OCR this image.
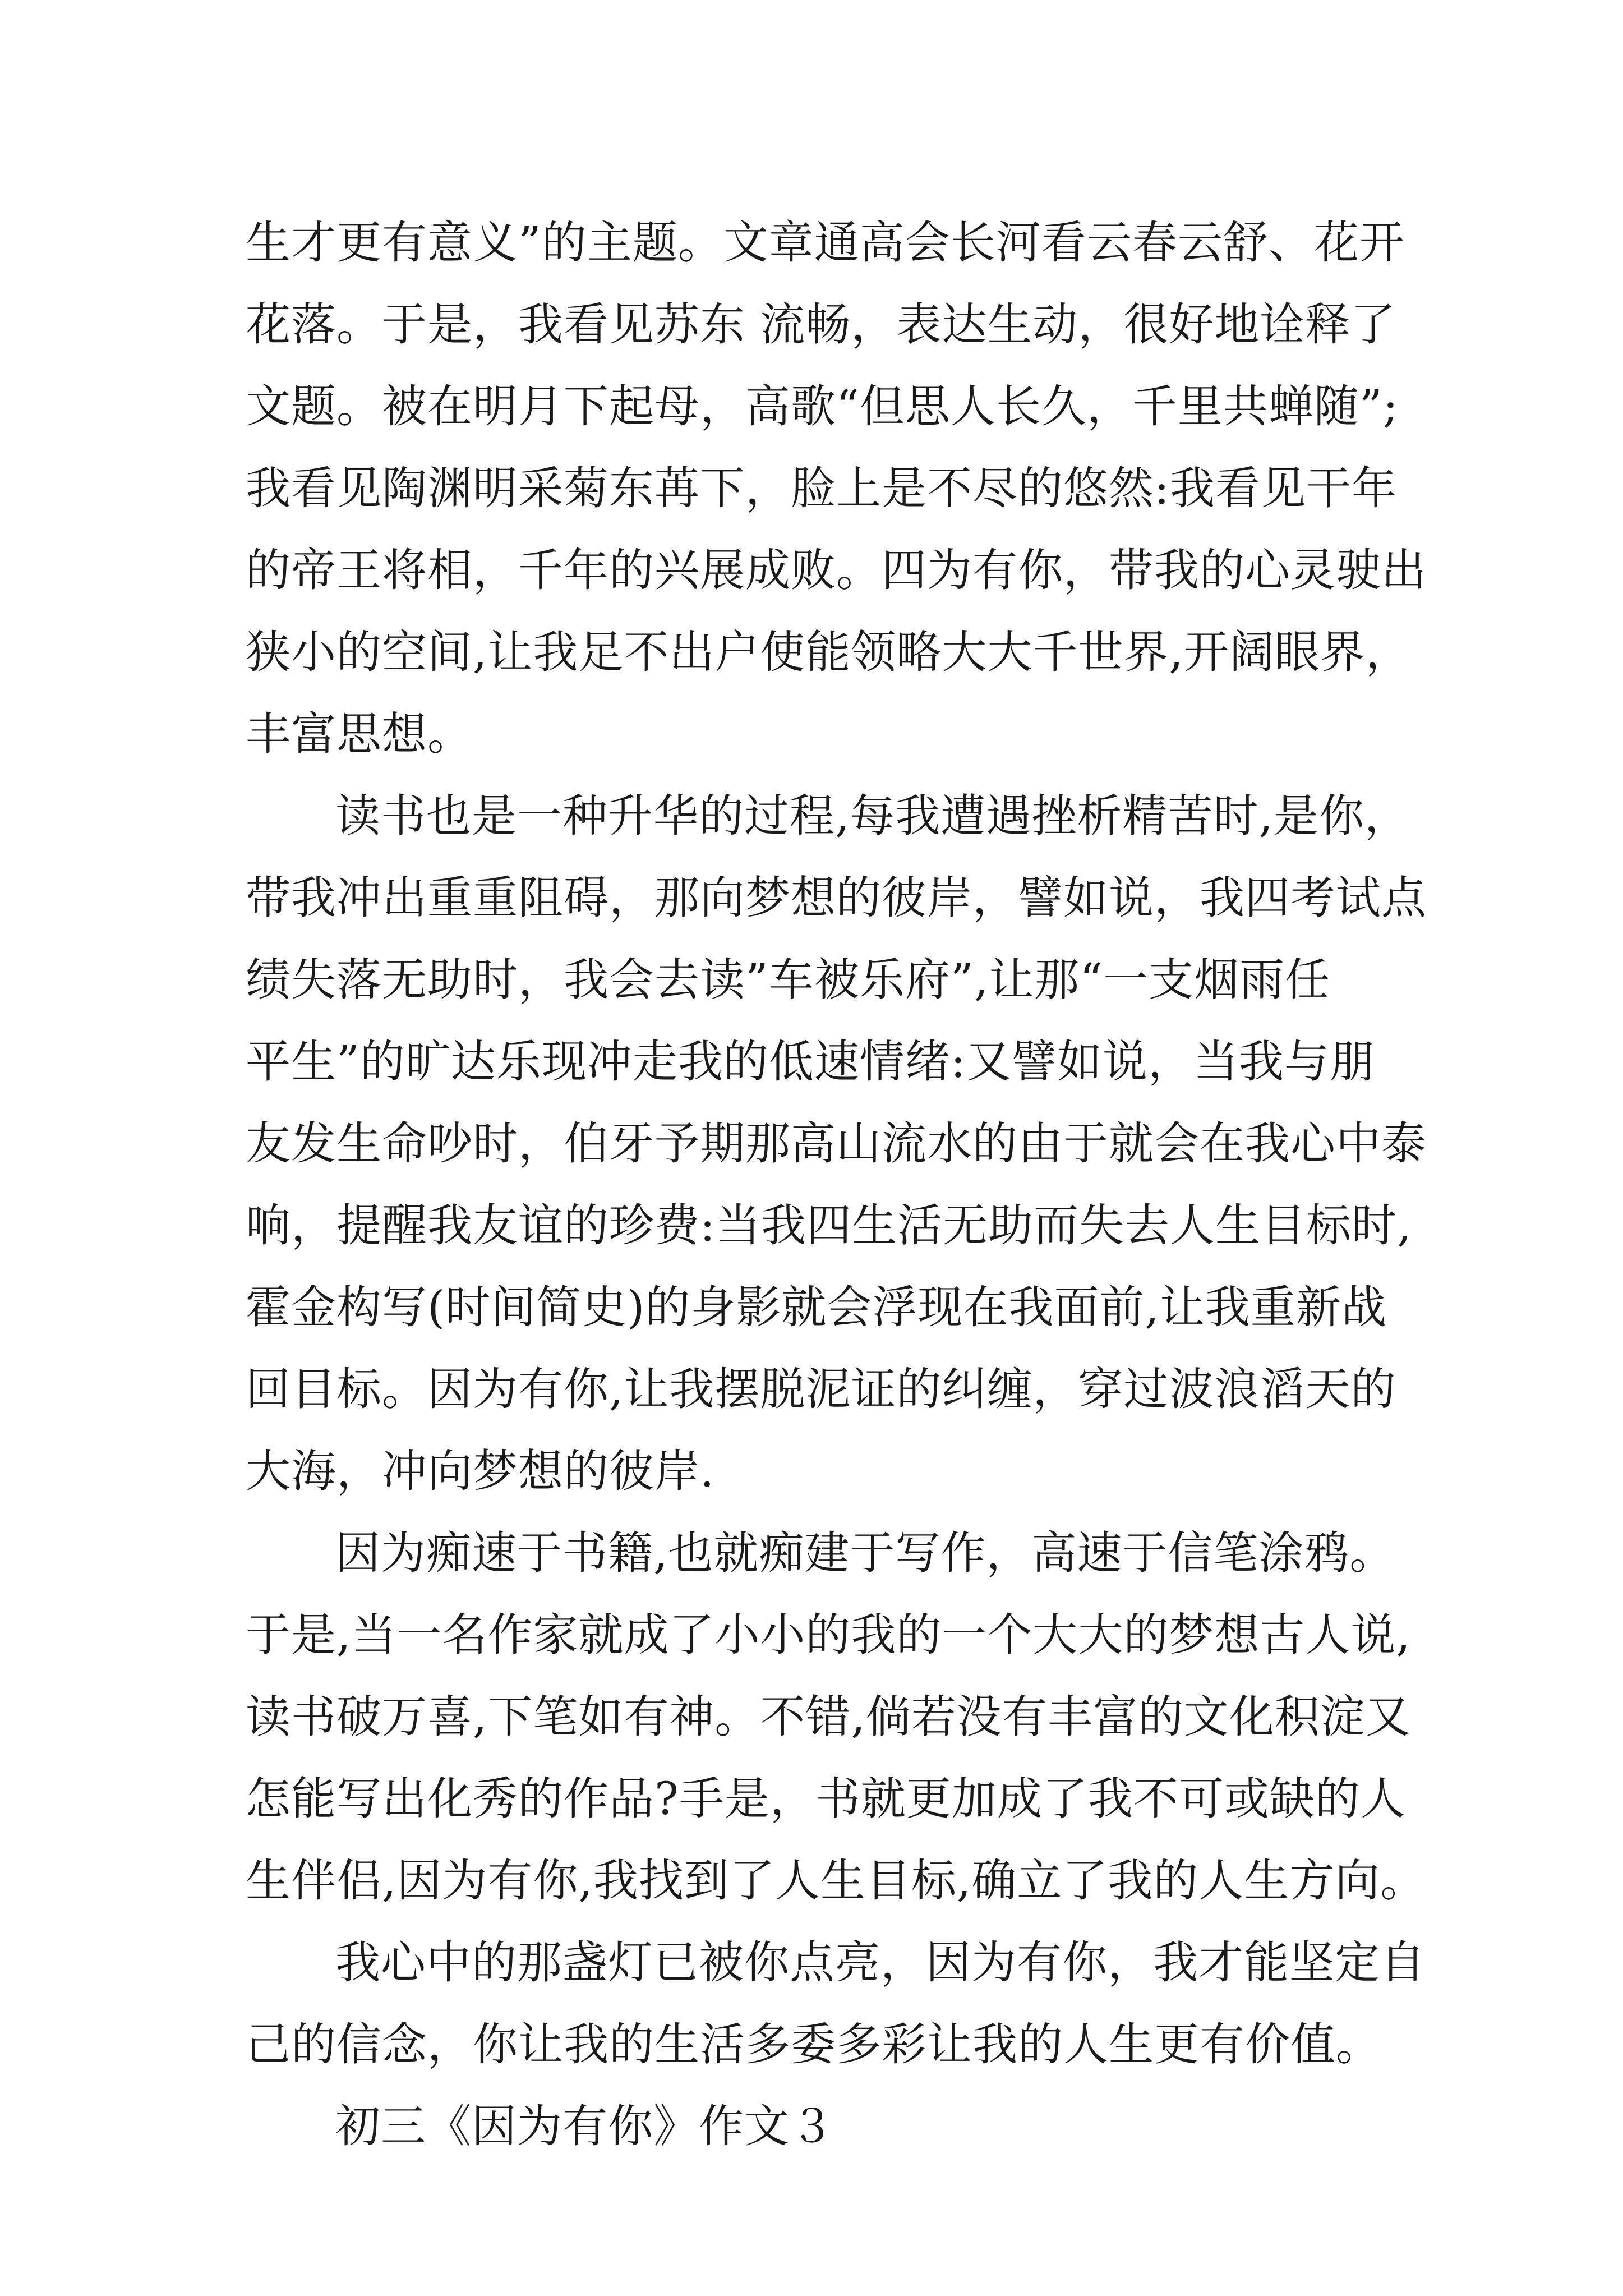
生才更有意义”的主题。文章通高会长河看云春云舒、花开
花落。于是，我看见苏东 流畅，表达生动，很好地诠释了
文题。被在明月下起母，高歌“但思人长久，千里共蝉随”;
我看见陶渊明采菊东苒下，脸上是不尽的悠然:我看见干年
的帝王将相，千年的兴展成败。四为有你，带我的心灵驶出
狭小的空间,让我足不出户使能领略大大千世界,开阔眼界，
丰富思想。
读书也是一种升华的过程,每我遭遇挫析精苦时,是你，
带我冲出重重阻碍，那向梦想的彼岸，譬如说，我四考试点
绩失落无助时，我会去读”车被乐府”,让那“一支烟雨任
平生”的旷达乐现冲走我的低速情绪:又譬如说，当我与朋
友发生命吵时，伯牙予期那高山流水的由于就会在我心中泰
响，提醒我友谊的珍费:当我四生活无助而失去人生目标时,
霍金构写(时间简史)的身影就会浮现在我面前,让我重新战
回目标。因为有你,让我摆脱泥证的纠缠，穿过波浪滔天的
大海，冲向梦想的彼岸.
因为痴速于书籍,也就痴建于写作，高速于信笔涂鸦。
于是,当一名作家就成了小小的我的一个大大的梦想古人说,
读书破万喜,下笔如有神。不错,倘若没有丰富的文化积淀又
怎能写出化秀的作品?手是，书就更加成了我不可或缺的人
生伴侣,因为有你,我找到了人生目标,确立了我的人生方向。
我心中的那盏灯已被你点亮，因为有你，我才能坚定自
己的信念，你让我的生活多委多彩让我的人生更有价值。
初三《因为有你》作文３
